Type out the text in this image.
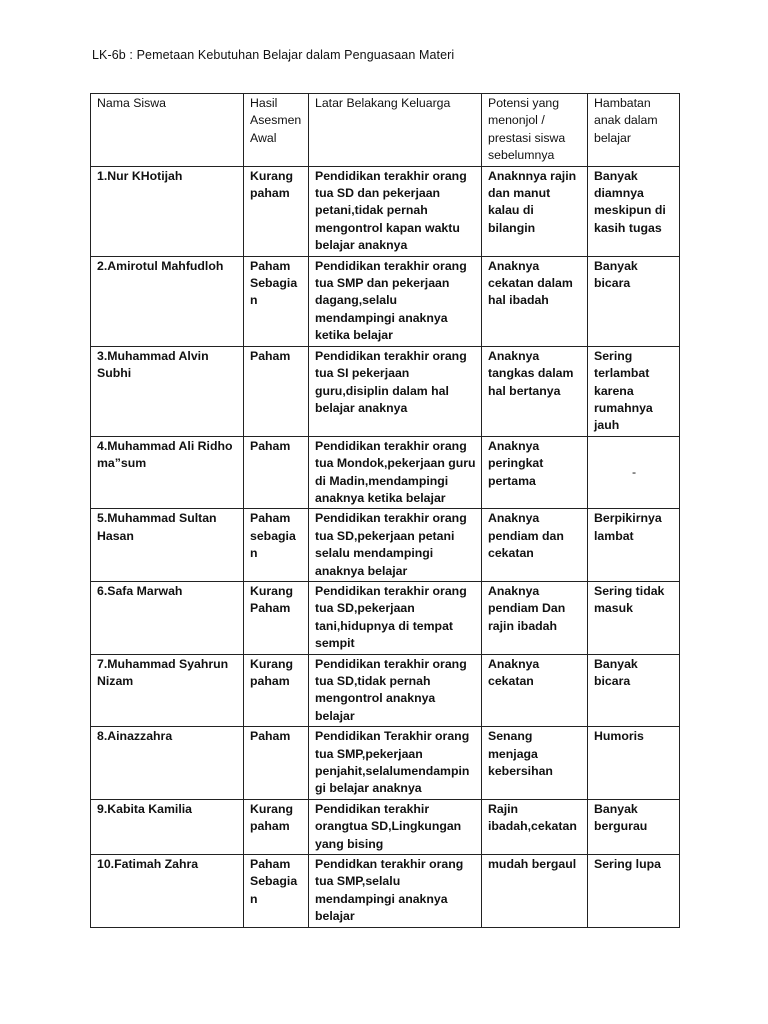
LK-6b : Pemetaan Kebutuhan Belajar dalam Penguasaan Materi
Nama Siswa	Hasil Asesmen Awal	Latar Belakang Keluarga	Potensi yang menonjol / prestasi siswa sebelumnya	Hambatan anak dalam belajar
1.Nur KHotijah	Kurang paham	Pendidikan terakhir orang tua SD dan pekerjaan petani,tidak pernah mengontrol kapan waktu belajar anaknya	Anaknnya rajin dan manut kalau di bilangin	Banyak diamnya meskipun di kasih tugas
2.Amirotul Mahfudloh	Paham Sebagian	Pendidikan terakhir orang tua SMP dan pekerjaan dagang,selalu mendampingi anaknya ketika belajar	Anaknya cekatan dalam hal ibadah	Banyak bicara
3.Muhammad Alvin Subhi	Paham	Pendidikan terakhir orang tua SI pekerjaan guru,disiplin dalam hal belajar anaknya	Anaknya tangkas dalam hal bertanya	Sering terlambat karena rumahnya jauh
4.Muhammad Ali Ridho ma”sum	Paham	Pendidikan terakhir orang tua Mondok,pekerjaan guru di Madin,mendampingi anaknya ketika belajar	Anaknya peringkat pertama	-
5.Muhammad Sultan Hasan	Paham sebagian	Pendidikan terakhir orang tua SD,pekerjaan petani selalu mendampingi anaknya belajar	Anaknya pendiam dan cekatan	Berpikirnya lambat
6.Safa Marwah	Kurang Paham	Pendidikan terakhir orang tua SD,pekerjaan tani,hidupnya di tempat sempit	Anaknya pendiam Dan rajin ibadah	Sering tidak masuk
7.Muhammad Syahrun Nizam	Kurang paham	Pendidikan terakhir orang tua SD,tidak pernah mengontrol anaknya belajar	Anaknya cekatan	Banyak bicara
8.Ainazzahra	Paham	Pendidikan Terakhir orang tua SMP,pekerjaan penjahit,selalumendampingi belajar anaknya	Senang menjaga kebersihan	Humoris
9.Kabita Kamilia	Kurang paham	Pendidikan terakhir orangtua SD,Lingkungan yang bising	Rajin ibadah,cekatan	Banyak bergurau
10.Fatimah Zahra	Paham Sebagian	Pendidkan terakhir orang tua SMP,selalu mendampingi anaknya belajar	mudah bergaul	Sering lupa
